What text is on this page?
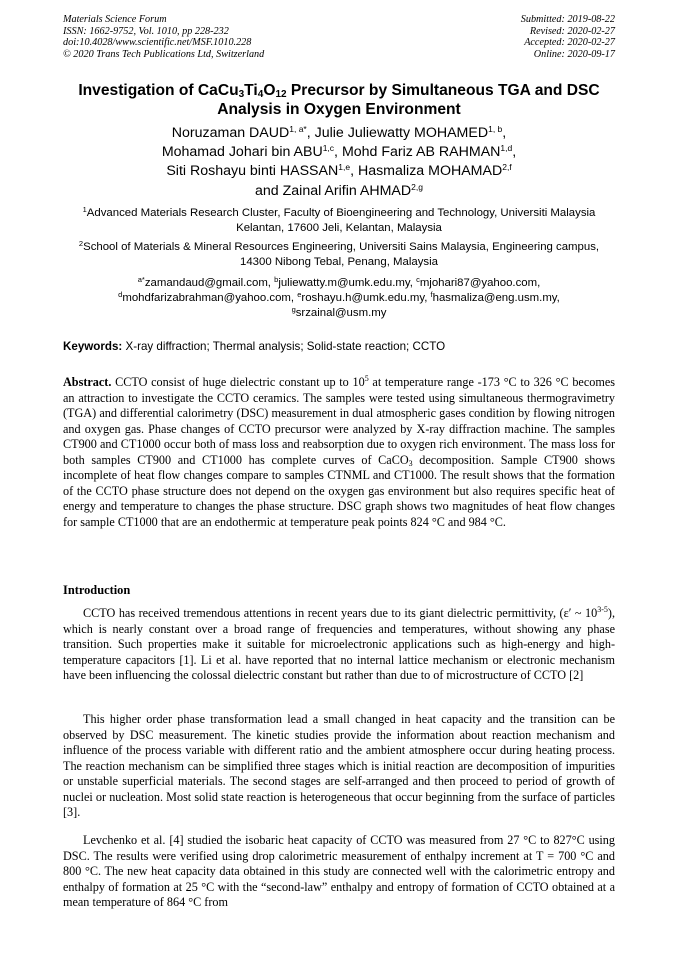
Materials Science Forum
ISSN: 1662-9752, Vol. 1010, pp 228-232
doi:10.4028/www.scientific.net/MSF.1010.228
© 2020 Trans Tech Publications Ltd, Switzerland
Submitted: 2019-08-22
Revised: 2020-02-27
Accepted: 2020-02-27
Online: 2020-09-17
Investigation of $CaCu_3Ti_4O_{12}$ Precursor by Simultaneous TGA and DSC Analysis in Oxygen Environment
Noruzaman $DAUD^{1, a*}$, Julie Juliewatty MOHAMED$^{1, b}$,
Mohamad Johari bin ABU$^{1,c}$, Mohd Fariz AB RAHMAN$^{1,d}$,
Siti Roshayu binti HASSAN$^{1,e}$, Hasmaliza MOHAMAD$^{2,f}$
and Zainal Arifin AHMAD$^{2,g}$
$^1$Advanced Materials Research Cluster, Faculty of Bioengineering and Technology, Universiti Malaysia Kelantan, 17600 Jeli, Kelantan, Malaysia
$^2$School of Materials & Mineral Resources Engineering, Universiti Sains Malaysia, Engineering campus, 14300 Nibong Tebal, Penang, Malaysia
$^{a*}$zamandaud@gmail.com, $^b$juliewatty.m@umk.edu.my, $^c$mjohari87@yahoo.com,
$^d$mohdfarizabrahman@yahoo.com, $^e$roshayu.h@umk.edu.my, $^f$hasmaliza@eng.usm.my,
$^g$srzainal@usm.my
Keywords: X-ray diffraction; Thermal analysis; Solid-state reaction; CCTO
Abstract. CCTO consist of huge dielectric constant up to $10^5$ at temperature range -173 °C to 326 °C becomes an attraction to investigate the CCTO ceramics. The samples were tested using simultaneous thermogravimetry (TGA) and differential calorimetry (DSC) measurement in dual atmospheric gases condition by flowing nitrogen and oxygen gas. Phase changes of CCTO precursor were analyzed by X-ray diffraction machine. The samples CT900 and CT1000 occur both of mass loss and reabsorption due to oxygen rich environment. The mass loss for both samples CT900 and CT1000 has complete curves of CaCO$_3$ decomposition. Sample CT900 shows incomplete of heat flow changes compare to samples CTNML and CT1000. The result shows that the formation of the CCTO phase structure does not depend on the oxygen gas environment but also requires specific heat of energy and temperature to changes the phase structure. DSC graph shows two magnitudes of heat flow changes for sample CT1000 that are an endothermic at temperature peak points 824 °C and 984 °C.
Introduction
CCTO has received tremendous attentions in recent years due to its giant dielectric permittivity, (ε′ ~ 10$^{3-5}$), which is nearly constant over a broad range of frequencies and temperatures, without showing any phase transition. Such properties make it suitable for microelectronic applications such as high-energy and high-temperature capacitors [1]. Li et al. have reported that no internal lattice mechanism or electronic mechanism have been influencing the colossal dielectric constant but rather than due to of microstructure of CCTO [2]
This higher order phase transformation lead a small changed in heat capacity and the transition can be observed by DSC measurement. The kinetic studies provide the information about reaction mechanism and influence of the process variable with different ratio and the ambient atmosphere occur during heating process. The reaction mechanism can be simplified three stages which is initial reaction are decomposition of impurities or unstable superficial materials. The second stages are self-arranged and then proceed to period of growth of nuclei or nucleation. Most solid state reaction is heterogeneous that occur beginning from the surface of particles [3].
Levchenko et al. [4] studied the isobaric heat capacity of CCTO was measured from 27 °C to 827°C using DSC. The results were verified using drop calorimetric measurement of enthalpy increment at T = 700 °C and 800 °C. The new heat capacity data obtained in this study are connected well with the calorimetric entropy and enthalpy of formation at 25 °C with the “second-law” enthalpy and entropy of formation of CCTO obtained at a mean temperature of 864 °C from
